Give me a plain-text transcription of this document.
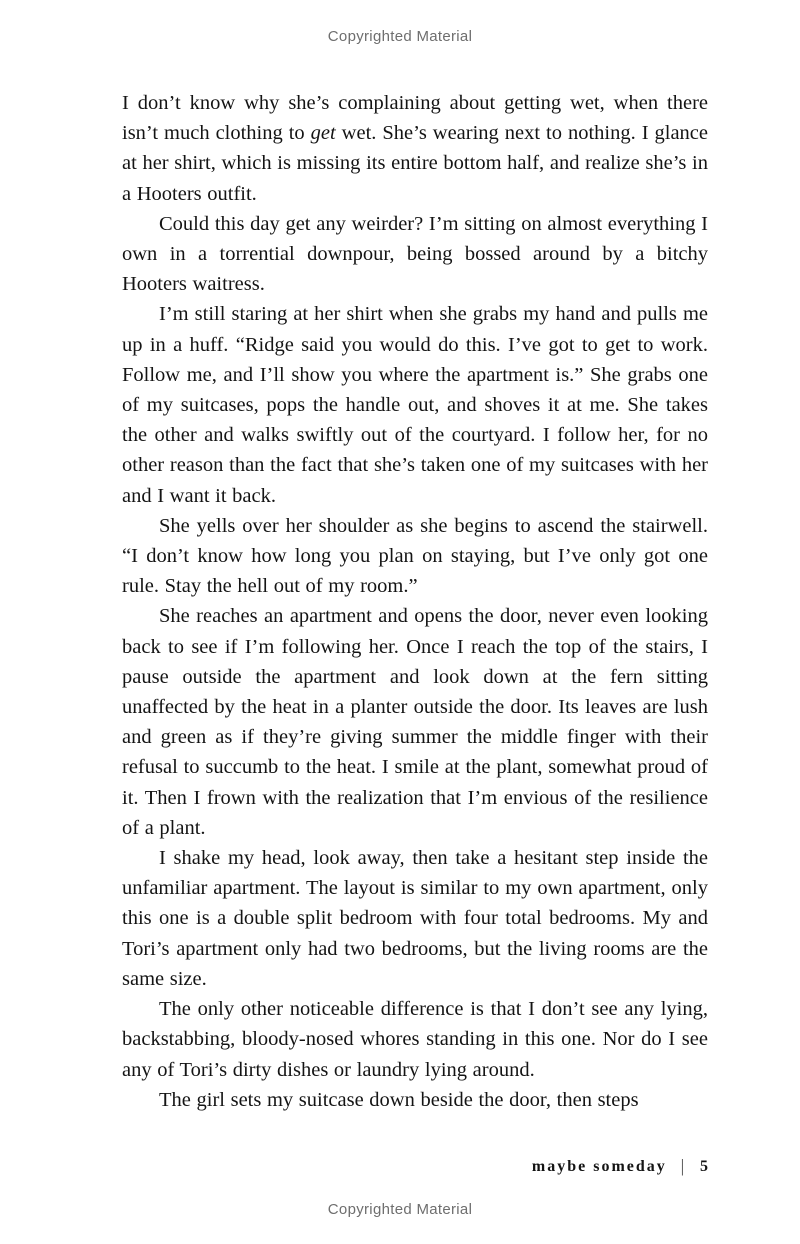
Copyrighted Material

I don’t know why she’s complaining about getting wet, when there isn’t much clothing to get wet. She’s wearing next to nothing. I glance at her shirt, which is missing its entire bottom half, and realize she’s in a Hooters outfit.

Could this day get any weirder? I’m sitting on almost everything I own in a torrential downpour, being bossed around by a bitchy Hooters waitress.

I’m still staring at her shirt when she grabs my hand and pulls me up in a huff. “Ridge said you would do this. I’ve got to get to work. Follow me, and I’ll show you where the apartment is.” She grabs one of my suitcases, pops the handle out, and shoves it at me. She takes the other and walks swiftly out of the courtyard. I follow her, for no other reason than the fact that she’s taken one of my suitcases with her and I want it back.

She yells over her shoulder as she begins to ascend the stairwell. “I don’t know how long you plan on staying, but I’ve only got one rule. Stay the hell out of my room.”

She reaches an apartment and opens the door, never even looking back to see if I’m following her. Once I reach the top of the stairs, I pause outside the apartment and look down at the fern sitting unaffected by the heat in a planter outside the door. Its leaves are lush and green as if they’re giving summer the middle finger with their refusal to succumb to the heat. I smile at the plant, somewhat proud of it. Then I frown with the realization that I’m envious of the resilience of a plant.

I shake my head, look away, then take a hesitant step inside the unfamiliar apartment. The layout is similar to my own apartment, only this one is a double split bedroom with four total bedrooms. My and Tori’s apartment only had two bedrooms, but the living rooms are the same size.

The only other noticeable difference is that I don’t see any lying, backstabbing, bloody-nosed whores standing in this one. Nor do I see any of Tori’s dirty dishes or laundry lying around.

The girl sets my suitcase down beside the door, then steps

maybe someday | 5
Copyrighted Material
